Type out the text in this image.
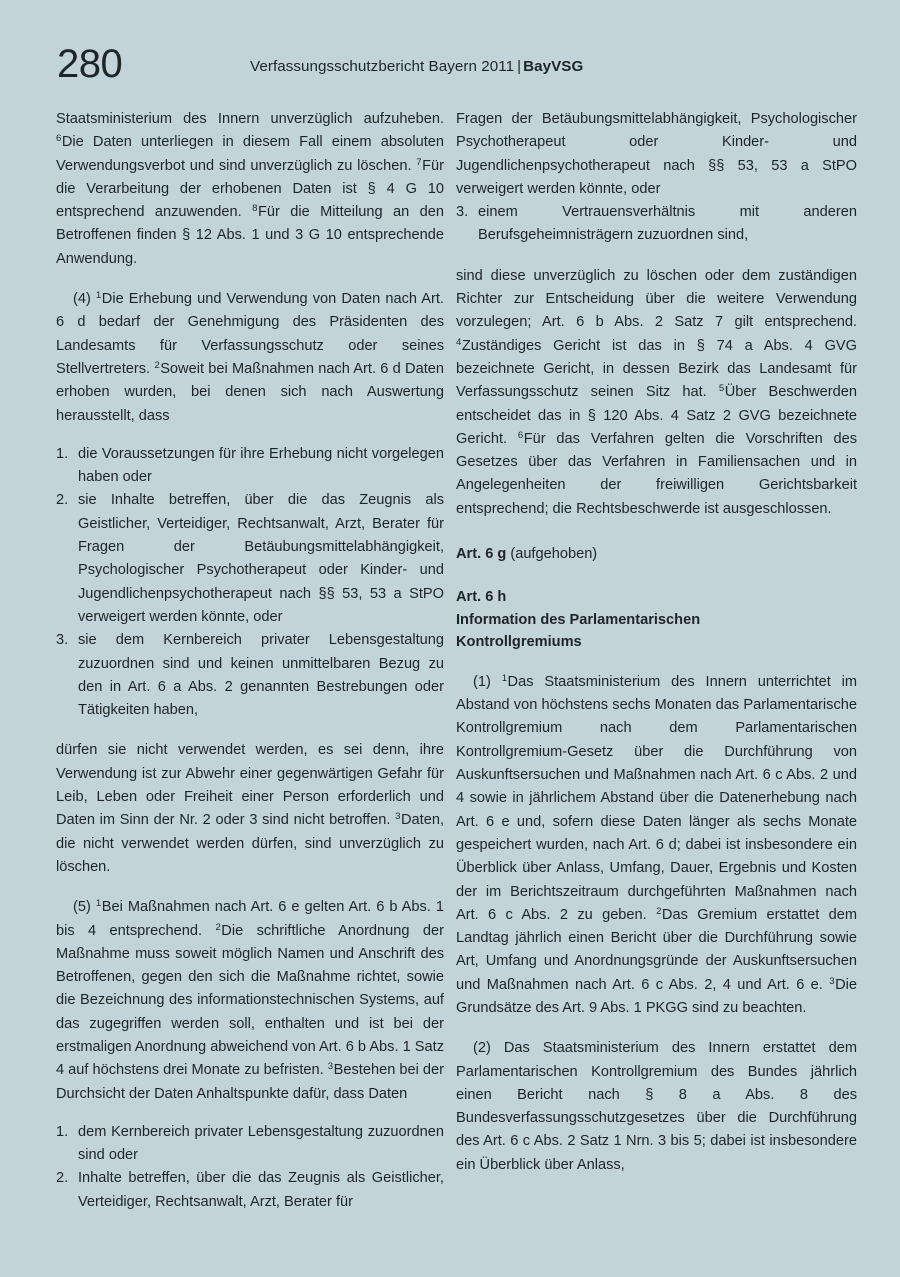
280	Verfassungsschutzbericht Bayern 2011 | BayVSG

Staatsministerium des Innern unverzüglich aufzuheben. $^6$Die Daten unterliegen in diesem Fall einem absoluten Verwendungsverbot und sind unverzüglich zu löschen. $^7$Für die Verarbeitung der erhobenen Daten ist § 4 G 10 entsprechend anzuwenden. $^8$Für die Mitteilung an den Betroffenen finden § 12 Abs. 1 und 3 G 10 entsprechende Anwendung.

(4) $^1$Die Erhebung und Verwendung von Daten nach Art. 6 d bedarf der Genehmigung des Präsidenten des Landesamts für Verfassungsschutz oder seines Stellvertreters. $^2$Soweit bei Maßnahmen nach Art. 6 d Daten erhoben wurden, bei denen sich nach Auswertung herausstellt, dass

1. die Voraussetzungen für ihre Erhebung nicht vorgelegen haben oder
2. sie Inhalte betreffen, über die das Zeugnis als Geistlicher, Verteidiger, Rechtsanwalt, Arzt, Berater für Fragen der Betäubungsmittelabhängigkeit, Psychologischer Psychotherapeut oder Kinder- und Jugendlichenpsychotherapeut nach §§ 53, 53 a StPO verweigert werden könnte, oder
3. sie dem Kernbereich privater Lebensgestaltung zuzuordnen sind und keinen unmittelbaren Bezug zu den in Art. 6 a Abs. 2 genannten Bestrebungen oder Tätigkeiten haben,

dürfen sie nicht verwendet werden, es sei denn, ihre Verwendung ist zur Abwehr einer gegenwärtigen Gefahr für Leib, Leben oder Freiheit einer Person erforderlich und Daten im Sinn der Nr. 2 oder 3 sind nicht betroffen. $^3$Daten, die nicht verwendet werden dürfen, sind unverzüglich zu löschen.

(5) $^1$Bei Maßnahmen nach Art. 6 e gelten Art. 6 b Abs. 1 bis 4 entsprechend. $^2$Die schriftliche Anordnung der Maßnahme muss soweit möglich Namen und Anschrift des Betroffenen, gegen den sich die Maßnahme richtet, sowie die Bezeichnung des informationstechnischen Systems, auf das zugegriffen werden soll, enthalten und ist bei der erstmaligen Anordnung abweichend von Art. 6 b Abs. 1 Satz 4 auf höchstens drei Monate zu befristen. $^3$Bestehen bei der Durchsicht der Daten Anhaltspunkte dafür, dass Daten

1. dem Kernbereich privater Lebensgestaltung zuzuordnen sind oder
2. Inhalte betreffen, über die das Zeugnis als Geistlicher, Verteidiger, Rechtsanwalt, Arzt, Berater für
Fragen der Betäubungsmittelabhängigkeit, Psychologischer Psychotherapeut oder Kinder- und Jugendlichenpsychotherapeut nach §§ 53, 53 a StPO verweigert werden könnte, oder
3. einem Vertrauensverhältnis mit anderen Berufsgeheimnisträgern zuzuordnen sind,

sind diese unverzüglich zu löschen oder dem zuständigen Richter zur Entscheidung über die weitere Verwendung vorzulegen; Art. 6 b Abs. 2 Satz 7 gilt entsprechend. $^4$Zuständiges Gericht ist das in § 74 a Abs. 4 GVG bezeichnete Gericht, in dessen Bezirk das Landesamt für Verfassungsschutz seinen Sitz hat. $^5$Über Beschwerden entscheidet das in § 120 Abs. 4 Satz 2 GVG bezeichnete Gericht. $^6$Für das Verfahren gelten die Vorschriften des Gesetzes über das Verfahren in Familiensachen und in Angelegenheiten der freiwilligen Gerichtsbarkeit entsprechend; die Rechtsbeschwerde ist ausgeschlossen.

Art. 6 g (aufgehoben)
Art. 6 h
Information des Parlamentarischen
Kontrollgremiums

(1) $^1$Das Staatsministerium des Innern unterrichtet im Abstand von höchstens sechs Monaten das Parlamentarische Kontrollgremium nach dem Parlamentarischen Kontrollgremium-Gesetz über die Durchführung von Auskunftsersuchen und Maßnahmen nach Art. 6 c Abs. 2 und 4 sowie in jährlichem Abstand über die Datenerhebung nach Art. 6 e und, sofern diese Daten länger als sechs Monate gespeichert wurden, nach Art. 6 d; dabei ist insbesondere ein Überblick über Anlass, Umfang, Dauer, Ergebnis und Kosten der im Berichtszeitraum durchgeführten Maßnahmen nach Art. 6 c Abs. 2 zu geben. $^2$Das Gremium erstattet dem Landtag jährlich einen Bericht über die Durchführung sowie Art, Umfang und Anordnungsgründe der Auskunftsersuchen und Maßnahmen nach Art. 6 c Abs. 2, 4 und Art. 6 e. $^3$Die Grundsätze des Art. 9 Abs. 1 PKGG sind zu beachten.

(2) Das Staatsministerium des Innern erstattet dem Parlamentarischen Kontrollgremium des Bundes jährlich einen Bericht nach § 8 a Abs. 8 des Bundesverfassungsschutzgesetzes über die Durchführung des Art. 6 c Abs. 2 Satz 1 Nrn. 3 bis 5; dabei ist insbesondere ein Überblick über Anlass,
